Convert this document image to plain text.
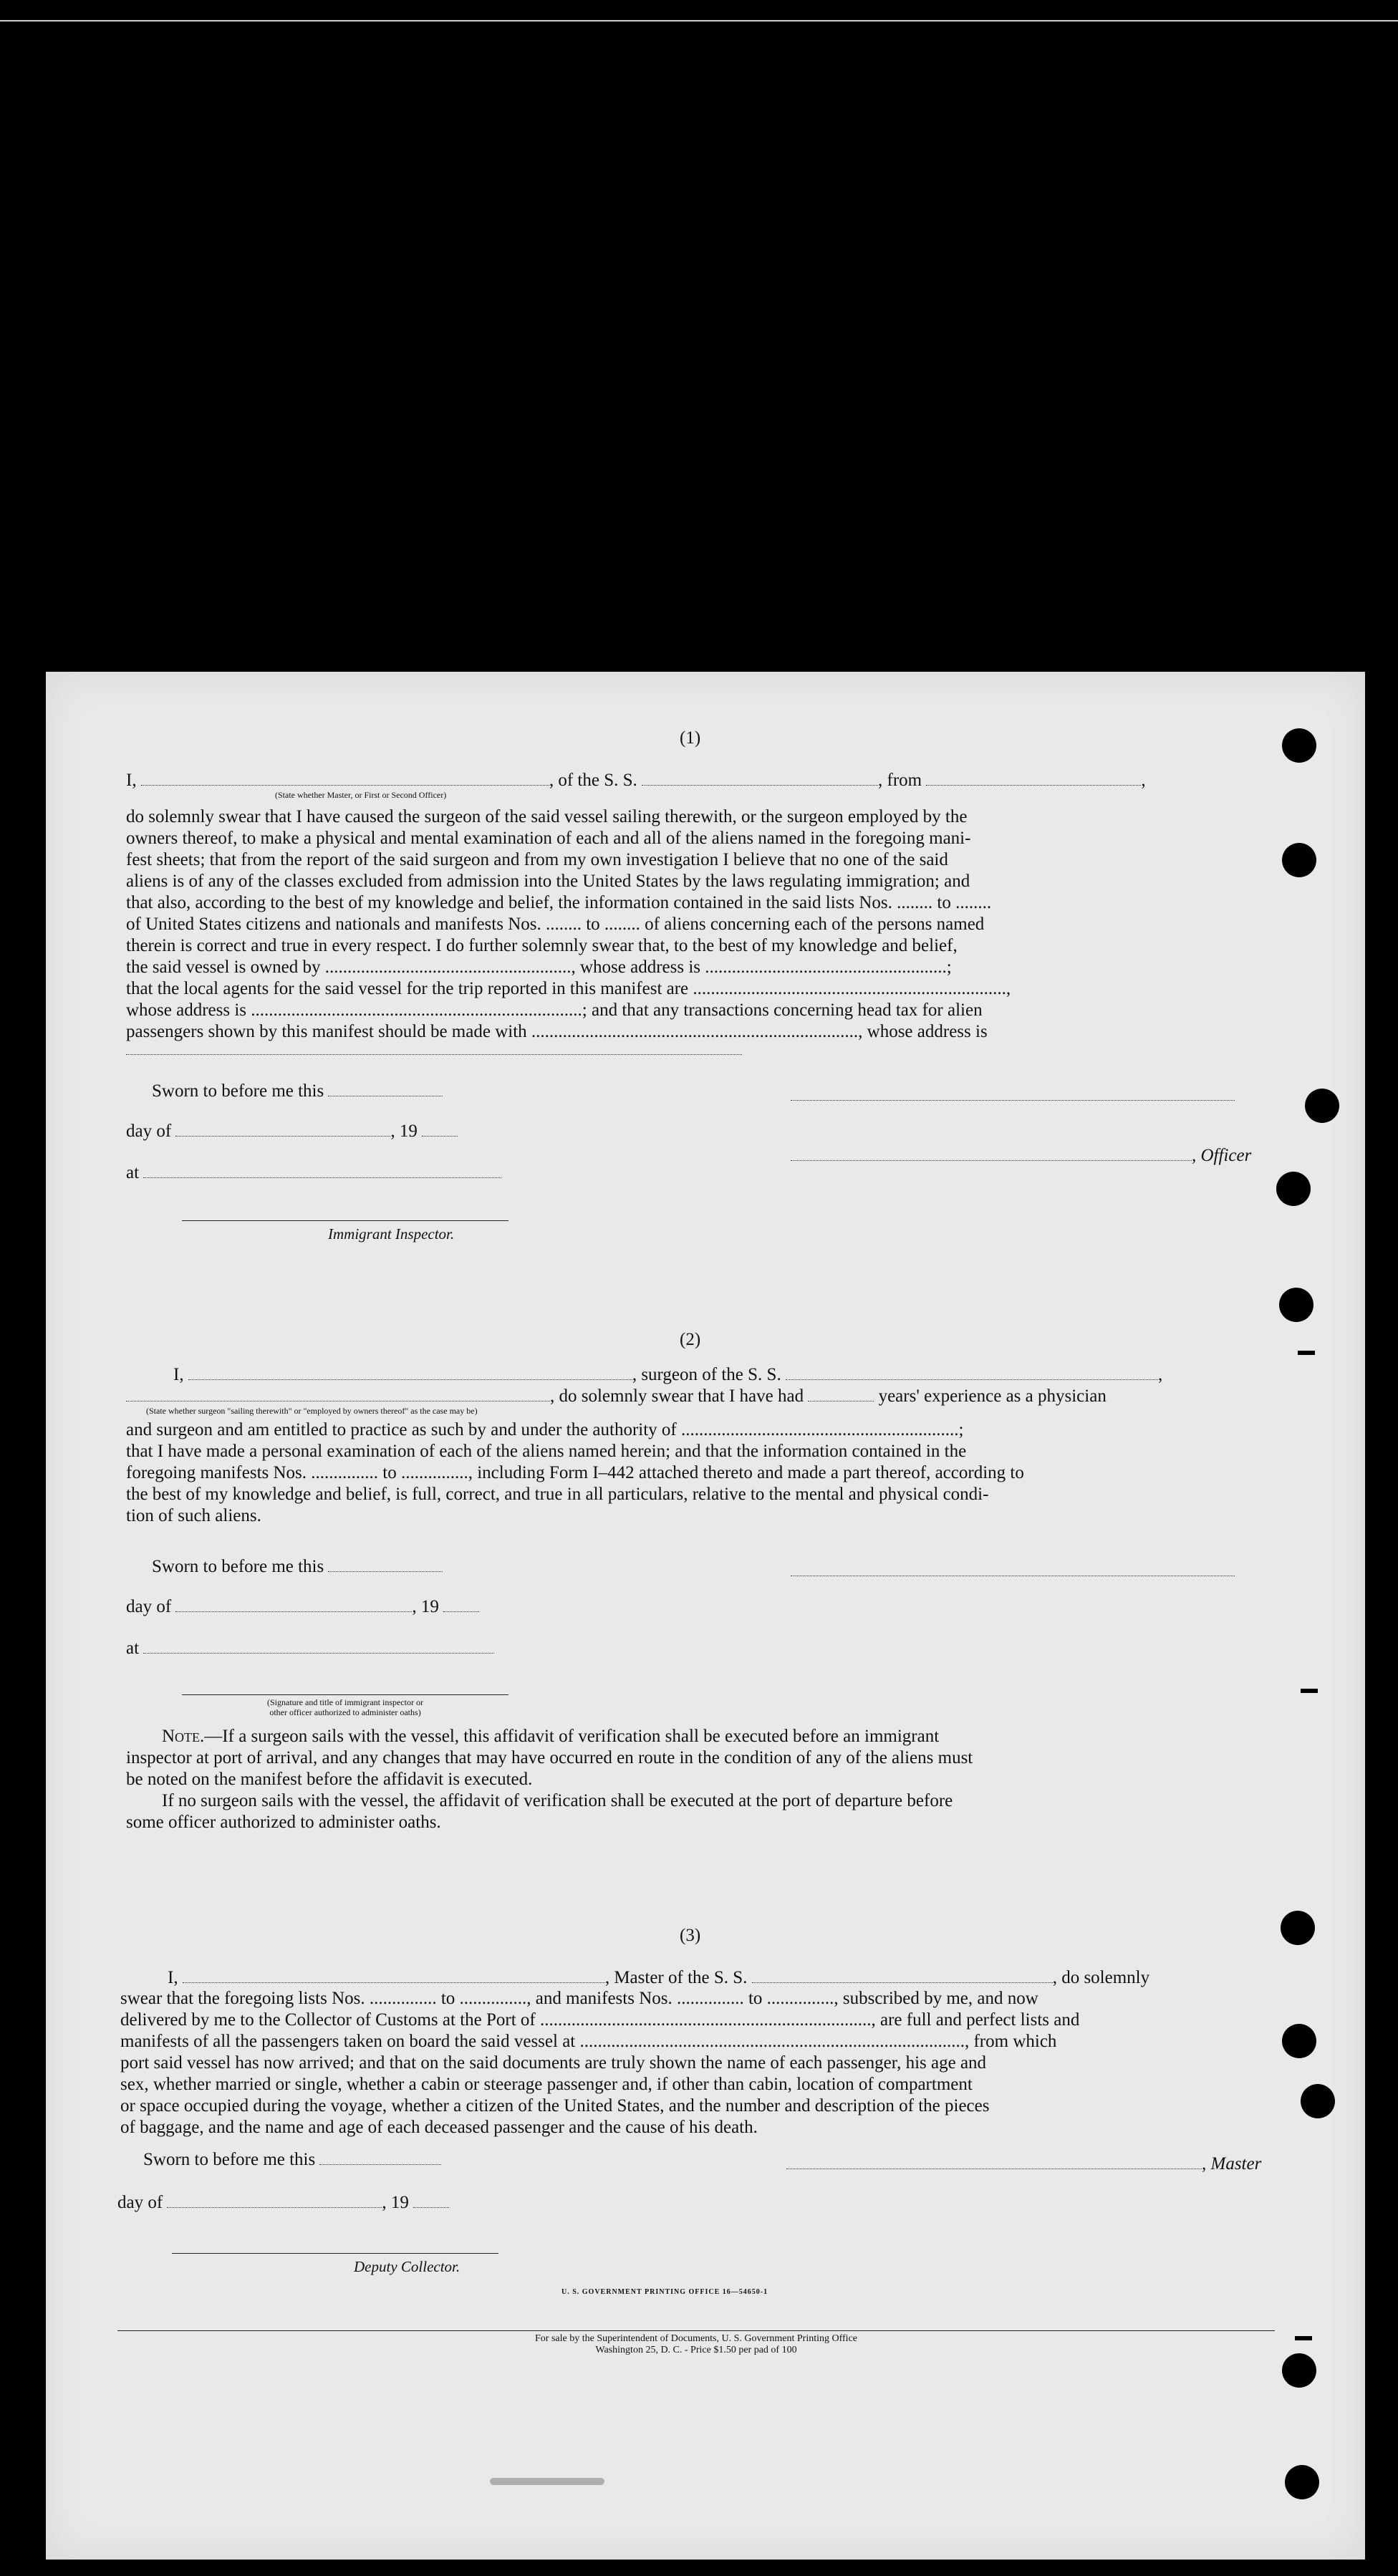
(1)
I,	, of the S. S.	, from	,
(State whether Master, or First or Second Officer)
do solemnly swear that I have caused the surgeon of the said vessel sailing therewith, or the surgeon employed by the
owners thereof, to make a physical and mental examination of each and all of the aliens named in the foregoing mani-
fest sheets; that from the report of the said surgeon and from my own investigation I believe that no one of the said
aliens is of any of the classes excluded from admission into the United States by the laws regulating immigration; and
that also, according to the best of my knowledge and belief, the information contained in the said lists Nos. ........ to ........
of United States citizens and nationals and manifests Nos. ........ to ........ of aliens concerning each of the persons named
therein is correct and true in every respect. I do further solemnly swear that, to the best of my knowledge and belief,
the said vessel is owned by ......................................................., whose address is ......................................................;
that the local agents for the said vessel for the trip reported in this manifest are ......................................................................,
whose address is ..........................................................................; and that any transactions concerning head tax for alien
passengers shown by this manifest should be made with ........................................................................., whose address is
Sworn to before me this
day of	, 19
, Officer
at
Immigrant Inspector.
(2)
I,	, surgeon of the S. S.	,
, do solemnly swear that I have had	years' experience as a physician
(State whether surgeon "sailing therewith" or "employed by owners thereof" as the case may be)
and surgeon and am entitled to practice as such by and under the authority of ..............................................................;
that I have made a personal examination of each of the aliens named herein; and that the information contained in the
foregoing manifests Nos. ............... to ..............., including Form I–442 attached thereto and made a part thereof, according to
the best of my knowledge and belief, is full, correct, and true in all particulars, relative to the mental and physical condi-
tion of such aliens.
Sworn to before me this
day of	, 19
at
(Signature and title of immigrant inspector or
other officer authorized to administer oaths)
Note.—If a surgeon sails with the vessel, this affidavit of verification shall be executed before an immigrant
inspector at port of arrival, and any changes that may have occurred en route in the condition of any of the aliens must
be noted on the manifest before the affidavit is executed.
If no surgeon sails with the vessel, the affidavit of verification shall be executed at the port of departure before
some officer authorized to administer oaths.
(3)
I,	, Master of the S. S.	, do solemnly
swear that the foregoing lists Nos. ............... to ..............., and manifests Nos. ............... to ..............., subscribed by me, and now
delivered by me to the Collector of Customs at the Port of .........................................................................., are full and perfect lists and
manifests of all the passengers taken on board the said vessel at ......................................................................................, from which
port said vessel has now arrived; and that on the said documents are truly shown the name of each passenger, his age and
sex, whether married or single, whether a cabin or steerage passenger and, if other than cabin, location of compartment
or space occupied during the voyage, whether a citizen of the United States, and the number and description of the pieces
of baggage, and the name and age of each deceased passenger and the cause of his death.
Sworn to before me this	, Master
day of	, 19
Deputy Collector.
U. S. GOVERNMENT PRINTING OFFICE 16—54650-1
For sale by the Superintendent of Documents, U. S. Government Printing Office
Washington 25, D. C. - Price $1.50 per pad of 100
